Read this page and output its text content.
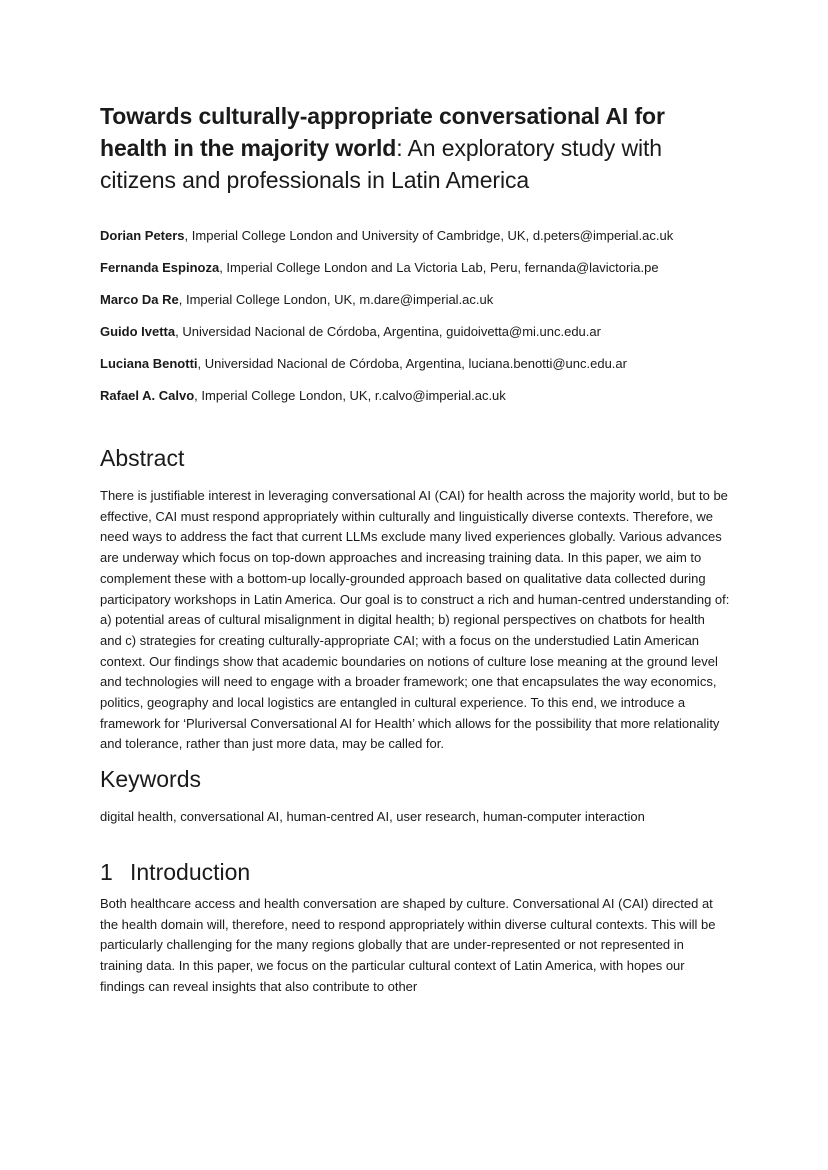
Towards culturally-appropriate conversational AI for health in the majority world: An exploratory study with citizens and professionals in Latin America
Dorian Peters, Imperial College London and University of Cambridge, UK, d.peters@imperial.ac.uk
Fernanda Espinoza, Imperial College London and La Victoria Lab, Peru, fernanda@lavictoria.pe
Marco Da Re, Imperial College London, UK, m.dare@imperial.ac.uk
Guido Ivetta, Universidad Nacional de Córdoba, Argentina, guidoivetta@mi.unc.edu.ar
Luciana Benotti, Universidad Nacional de Córdoba, Argentina, luciana.benotti@unc.edu.ar
Rafael A. Calvo, Imperial College London, UK, r.calvo@imperial.ac.uk
Abstract

There is justifiable interest in leveraging conversational AI (CAI) for health across the majority world, but to be effective, CAI must respond appropriately within culturally and linguistically diverse contexts. Therefore, we need ways to address the fact that current LLMs exclude many lived experiences globally. Various advances are underway which focus on top-down approaches and increasing training data. In this paper, we aim to complement these with a bottom-up locally-grounded approach based on qualitative data collected during participatory workshops in Latin America. Our goal is to construct a rich and human-centred understanding of: a) potential areas of cultural misalignment in digital health; b) regional perspectives on chatbots for health and c) strategies for creating culturally-appropriate CAI; with a focus on the understudied Latin American context. Our findings show that academic boundaries on notions of culture lose meaning at the ground level and technologies will need to engage with a broader framework; one that encapsulates the way economics, politics, geography and local logistics are entangled in cultural experience. To this end, we introduce a framework for ‘Pluriversal Conversational AI for Health’ which allows for the possibility that more relationality and tolerance, rather than just more data, may be called for.

Keywords

digital health, conversational AI, human-centred AI, user research, human-computer interaction

1 Introduction

Both healthcare access and health conversation are shaped by culture. Conversational AI (CAI) directed at the health domain will, therefore, need to respond appropriately within diverse cultural contexts. This will be particularly challenging for the many regions globally that are under-represented or not represented in training data. In this paper, we focus on the particular cultural context of Latin America, with hopes our findings can reveal insights that also contribute to other
